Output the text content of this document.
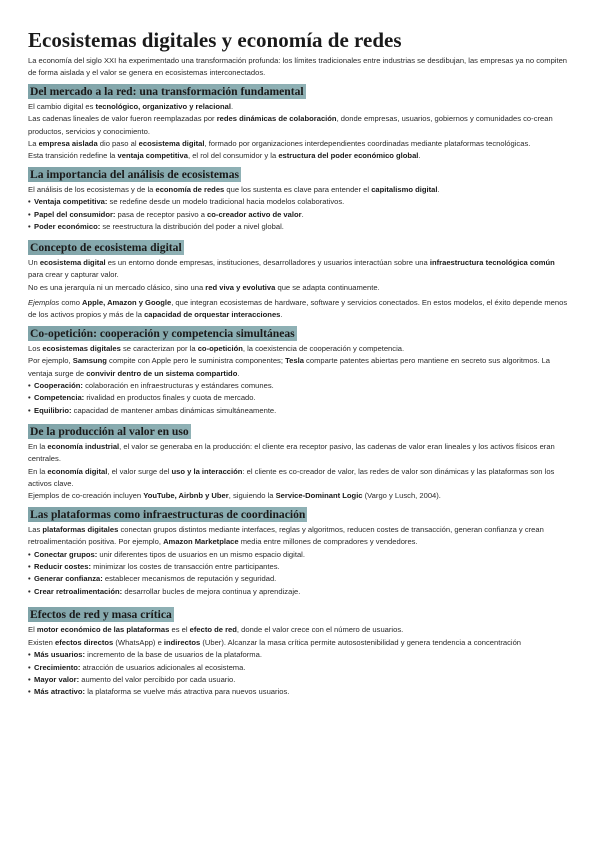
Ecosistemas digitales y economía de redes

La economía del siglo XXI ha experimentado una transformación profunda: los límites tradicionales entre industrias se desdibujan, las empresas ya no compiten de forma aislada y el valor se genera en ecosistemas interconectados.

Del mercado a la red: una transformación fundamental

El cambio digital es tecnológico, organizativo y relacional.

Las cadenas lineales de valor fueron reemplazadas por redes dinámicas de colaboración, donde empresas, usuarios, gobiernos y comunidades co-crean productos, servicios y conocimiento.

La empresa aislada dio paso al ecosistema digital, formado por organizaciones interdependientes coordinadas mediante plataformas tecnológicas.

Esta transición redefine la ventaja competitiva, el rol del consumidor y la estructura del poder económico global.

La importancia del análisis de ecosistemas

El análisis de los ecosistemas y de la economía de redes que los sustenta es clave para entender el capitalismo digital.

• Ventaja competitiva: se redefine desde un modelo tradicional hacia modelos colaborativos.
• Papel del consumidor: pasa de receptor pasivo a co-creador activo de valor.
• Poder económico: se reestructura la distribución del poder a nivel global.
Concepto de ecosistema digital

Un ecosistema digital es un entorno donde empresas, instituciones, desarrolladores y usuarios interactúan sobre una infraestructura tecnológica común para crear y capturar valor.

No es una jerarquía ni un mercado clásico, sino una red viva y evolutiva que se adapta continuamente.

Ejemplos como Apple, Amazon y Google, que integran ecosistemas de hardware, software y servicios conectados. En estos modelos, el éxito depende menos de los activos propios y más de la capacidad de orquestar interacciones.

Co-opetición: cooperación y competencia simultáneas

Los ecosistemas digitales se caracterizan por la co-opetición, la coexistencia de cooperación y competencia.

Por ejemplo, Samsung compite con Apple pero le suministra componentes; Tesla comparte patentes abiertas pero mantiene en secreto sus algoritmos. La ventaja surge de convivir dentro de un sistema compartido.

• Cooperación: colaboración en infraestructuras y estándares comunes.
• Competencia: rivalidad en productos finales y cuota de mercado.
• Equilibrio: capacidad de mantener ambas dinámicas simultáneamente.
De la producción al valor en uso

En la economía industrial, el valor se generaba en la producción: el cliente era receptor pasivo, las cadenas de valor eran lineales y los activos físicos eran centrales.

En la economía digital, el valor surge del uso y la interacción: el cliente es co-creador de valor, las redes de valor son dinámicas y las plataformas son los activos clave.

Ejemplos de co-creación incluyen YouTube, Airbnb y Uber, siguiendo la Service-Dominant Logic (Vargo y Lusch, 2004).

Las plataformas como infraestructuras de coordinación

Las plataformas digitales conectan grupos distintos mediante interfaces, reglas y algoritmos, reducen costes de transacción, generan confianza y crean retroalimentación positiva. Por ejemplo, Amazon Marketplace media entre millones de compradores y vendedores.

• Conectar grupos: unir diferentes tipos de usuarios en un mismo espacio digital.
• Reducir costes: minimizar los costes de transacción entre participantes.
• Generar confianza: establecer mecanismos de reputación y seguridad.
• Crear retroalimentación: desarrollar bucles de mejora continua y aprendizaje.
Efectos de red y masa crítica

El motor económico de las plataformas es el efecto de red, donde el valor crece con el número de usuarios.

Existen efectos directos (WhatsApp) e indirectos (Uber). Alcanzar la masa crítica permite autosostenibilidad y genera tendencia a concentración

• Más usuarios: incremento de la base de usuarios de la plataforma.
• Crecimiento: atracción de usuarios adicionales al ecosistema.
• Mayor valor: aumento del valor percibido por cada usuario.
• Más atractivo: la plataforma se vuelve más atractiva para nuevos usuarios.
